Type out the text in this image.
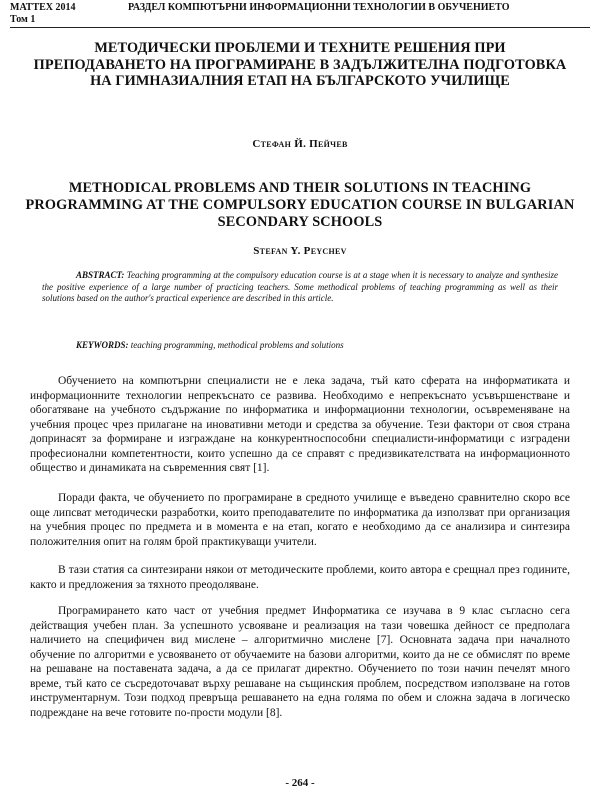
МАТТЕХ 2014
Том 1
РАЗДЕЛ КОМПЮТЪРНИ ИНФОРМАЦИОННИ ТЕХНОЛОГИИ В ОБУЧЕНИЕТО
МЕТОДИЧЕСКИ ПРОБЛЕМИ И ТЕХНИТЕ РЕШЕНИЯ ПРИ ПРЕПОДАВАНЕТО НА ПРОГРАМИРАНЕ В ЗАДЪЛЖИТЕЛНА ПОДГОТОВКА НА ГИМНАЗИАЛНИЯ ЕТАП НА БЪЛГАРСКОТО УЧИЛИЩЕ
Стефан Й. Пейчев
METHODICAL PROBLEMS AND THEIR SOLUTIONS IN TEACHING PROGRAMMING AT THE COMPULSORY EDUCATION COURSE IN BULGARIAN SECONDARY SCHOOLS
Stefan Y. Peychev
ABSTRACT: Teaching programming at the compulsory education course is at a stage when it is necessary to analyze and synthesize the positive experience of a large number of practicing teachers. Some methodical problems of teaching programming as well as their solutions based on the author's practical experience are described in this article.
KEYWORDS: teaching programming, methodical problems and solutions

Обучението на компютърни специалисти не е лека задача, тъй като сферата на информатиката и информационните технологии непрекъснато се развива. Необходимо е непрекъснато усъвършенстване и обогатяване на учебното съдържание по информатика и информационни технологии, осъвременяване на учебния процес чрез прилагане на иновативни методи и средства за обучение. Тези фактори от своя страна допринасят за формиране и изграждане на конкурентноспособни специалисти-информатици с изградени професионални компетентности, които успешно да се справят с предизвикателствата на информационното общество и динамиката на съвременния свят [1].

Поради факта, че обучението по програмиране в средното училище е въведено сравнително скоро все още липсват методически разработки, които преподавателите по информатика да използват при организация на учебния процес по предмета и в момента е на етап, когато е необходимо да се анализира и синтезира положителния опит на голям брой практикуващи учители.

В тази статия са синтезирани някои от методическите проблеми, които автора е срещнал през годините, както и предложения за тяхното преодоляване.

Програмирането като част от учебния предмет Информатика се изучава в 9 клас съгласно сега действащия учебен план. За успешното усвояване и реализация на тази човешка дейност се предполага наличието на специфичен вид мислене – алгоритмично мислене [7]. Основната задача при началното обучение по алгоритми е усвояването от обучаемите на базови алгоритми, които да не се обмислят по време на решаване на поставената задача, а да се прилагат директно. Обучението по този начин печелят много време, тъй като се съсредоточават върху решаване на същинския проблем, посредством използване на готов инструментарнум. Този подход превръща решаването на една голяма по обем и сложна задача в логическо подреждане на вече готовите по-прости модули [8].

- 264 -
